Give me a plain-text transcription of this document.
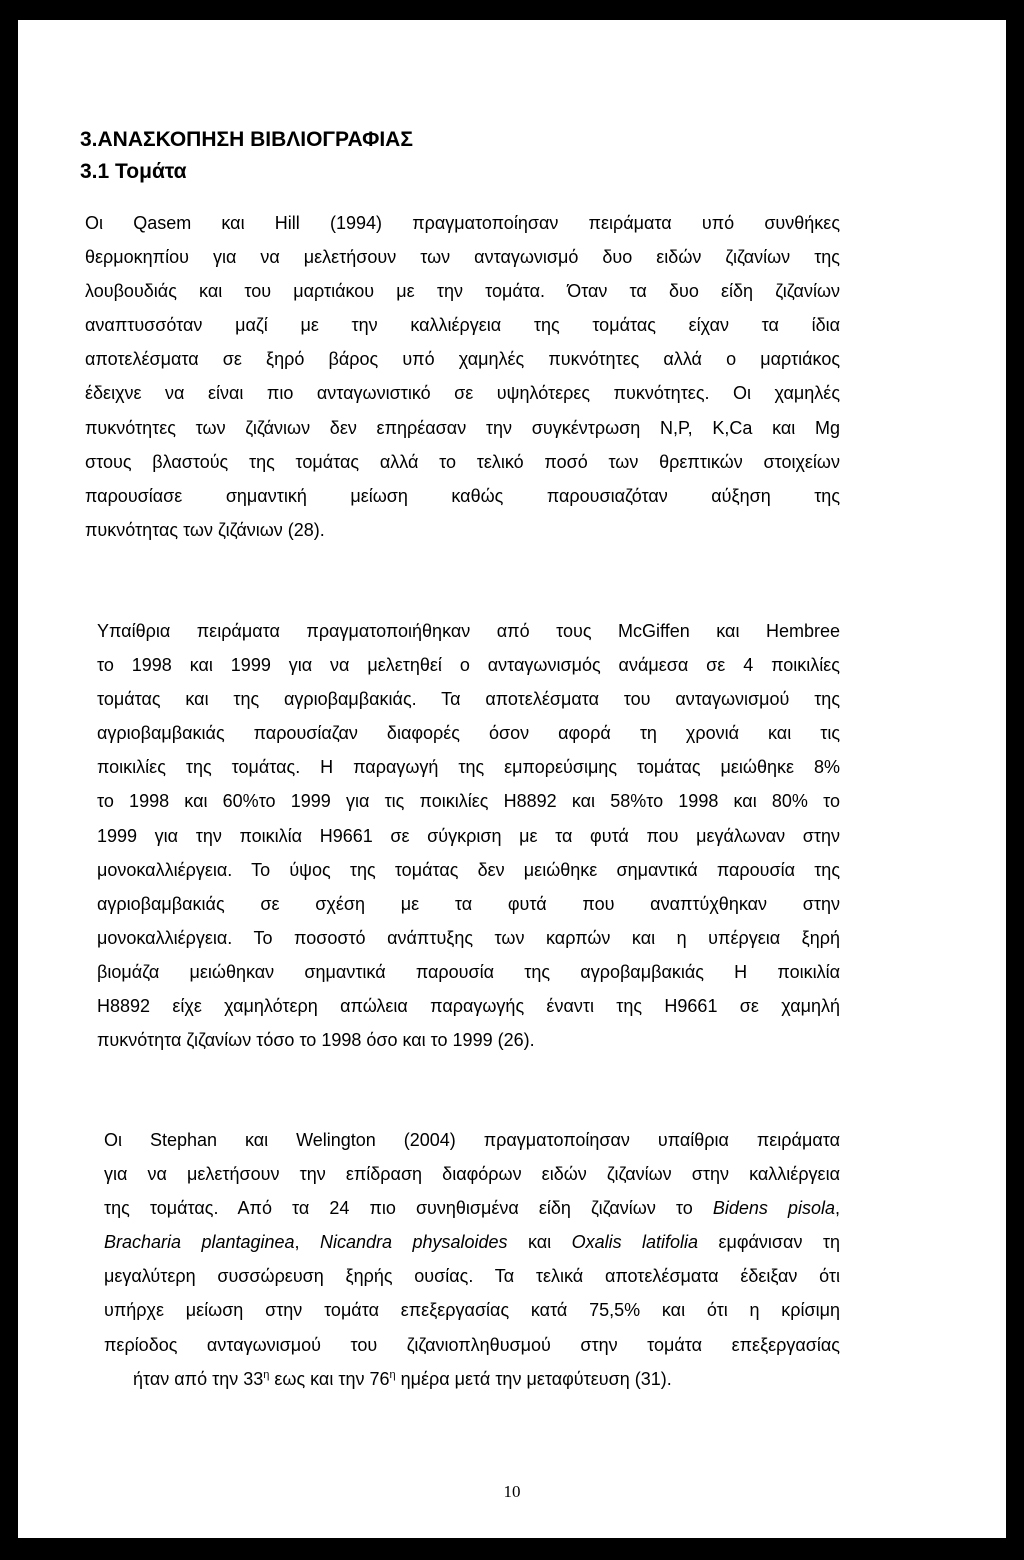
3.ΑΝΑΣΚΟΠΗΣΗ ΒΙΒΛΙΟΓΡΑΦΙΑΣ
3.1 Τομάτα

Οι Qasem και Hill (1994) πραγματοποίησαν πειράματα υπό συνθήκες
θερμοκηπίου για να μελετήσουν των ανταγωνισμό δυο ειδών ζιζανίων της
λουβουδιάς και του μαρτιάκου με την τομάτα. Όταν τα δυο είδη ζιζανίων
αναπτυσσόταν μαζί με την καλλιέργεια της τομάτας είχαν τα ίδια
αποτελέσματα σε ξηρό βάρος υπό χαμηλές πυκνότητες αλλά ο μαρτιάκος
έδειχνε να είναι πιο ανταγωνιστικό σε υψηλότερες πυκνότητες. Οι χαμηλές
πυκνότητες των ζιζάνιων δεν επηρέασαν την συγκέντρωση N,P, K,Ca και Mg
στους βλαστούς της τομάτας αλλά το τελικό ποσό των θρεπτικών στοιχείων
παρουσίασε σημαντική μείωση καθώς παρουσιαζόταν αύξηση της
πυκνότητας των ζιζάνιων (28).

Υπαίθρια πειράματα πραγματοποιήθηκαν από τους McGiffen και Hembree
το 1998 και 1999 για να μελετηθεί ο ανταγωνισμός ανάμεσα σε 4 ποικιλίες
τομάτας και της αγριοβαμβακιάς. Τα αποτελέσματα του ανταγωνισμού της
αγριοβαμβακιάς παρουσίαζαν διαφορές όσον αφορά τη χρονιά και τις
ποικιλίες της τομάτας. Η παραγωγή της εμπορεύσιμης τομάτας μειώθηκε 8%
το 1998 και 60%το 1999 για τις ποικιλίες H8892 και 58%το 1998 και 80% το
1999 για την ποικιλία H9661 σε σύγκριση με τα φυτά που μεγάλωναν στην
μονοκαλλιέργεια. Το ύψος της τομάτας δεν μειώθηκε σημαντικά παρουσία της
αγριοβαμβακιάς σε σχέση με τα φυτά που αναπτύχθηκαν στην
μονοκαλλιέργεια. Το ποσοστό ανάπτυξης των καρπών και η υπέργεια ξηρή
βιομάζα μειώθηκαν σημαντικά παρουσία της αγροβαμβακιάς Η ποικιλία
H8892 είχε χαμηλότερη απώλεια παραγωγής έναντι της H9661 σε χαμηλή
πυκνότητα ζιζανίων τόσο το 1998 όσο και το 1999 (26).

Οι Stephan και Welington (2004) πραγματοποίησαν υπαίθρια πειράματα
για να μελετήσουν την επίδραση διαφόρων ειδών ζιζανίων στην καλλιέργεια
της τομάτας. Από τα 24 πιο συνηθισμένα είδη ζιζανίων το Bidens pisola,
Bracharia plantaginea, Nicandra physaloides και Oxalis latifolia εμφάνισαν τη
μεγαλύτερη συσσώρευση ξηρής ουσίας. Τα τελικά αποτελέσματα έδειξαν ότι
υπήρχε μείωση στην τομάτα επεξεργασίας κατά 75,5% και ότι η κρίσιμη
περίοδος ανταγωνισμού του ζιζανιοπληθυσμού στην τομάτα επεξεργασίας
ήταν από την $33^\eta$ εως και την $76^\eta$ ημέρα μετά την μεταφύτευση (31).

10
